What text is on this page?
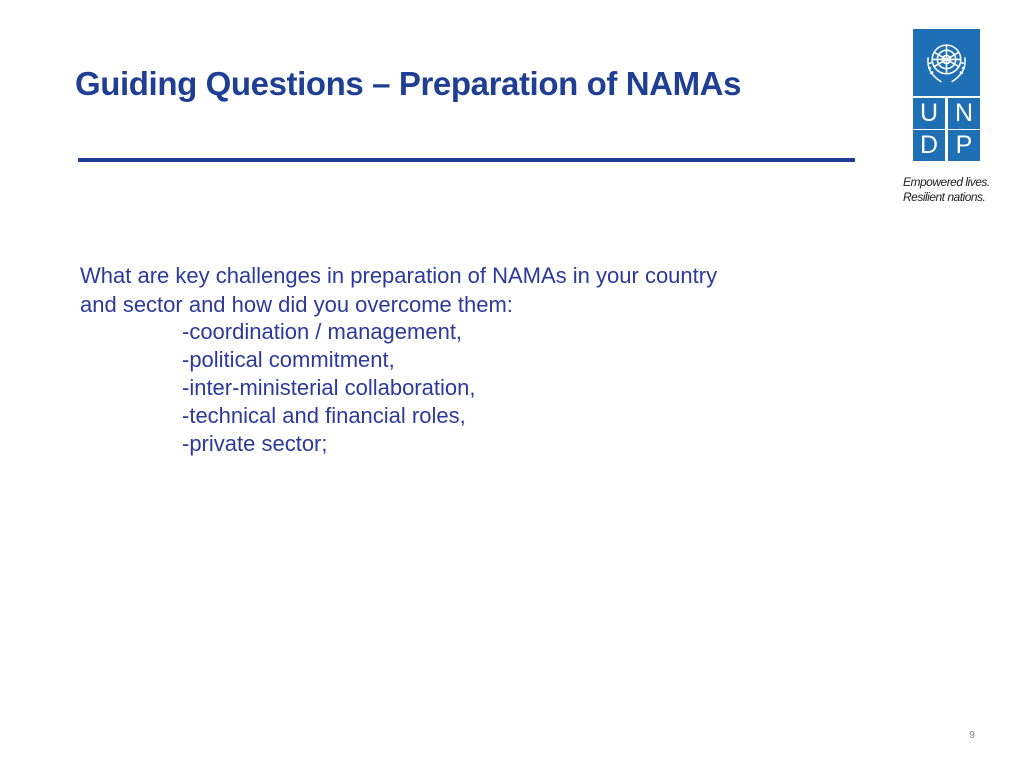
Guiding Questions – Preparation of NAMAs
U N
D P
Empowered lives.
Resilient nations.

What are key challenges in preparation of NAMAs in your country
and sector and how did you overcome them:

-coordination / management,
-political commitment,
-inter-ministerial collaboration,
-technical and financial roles,
-private sector;
9
